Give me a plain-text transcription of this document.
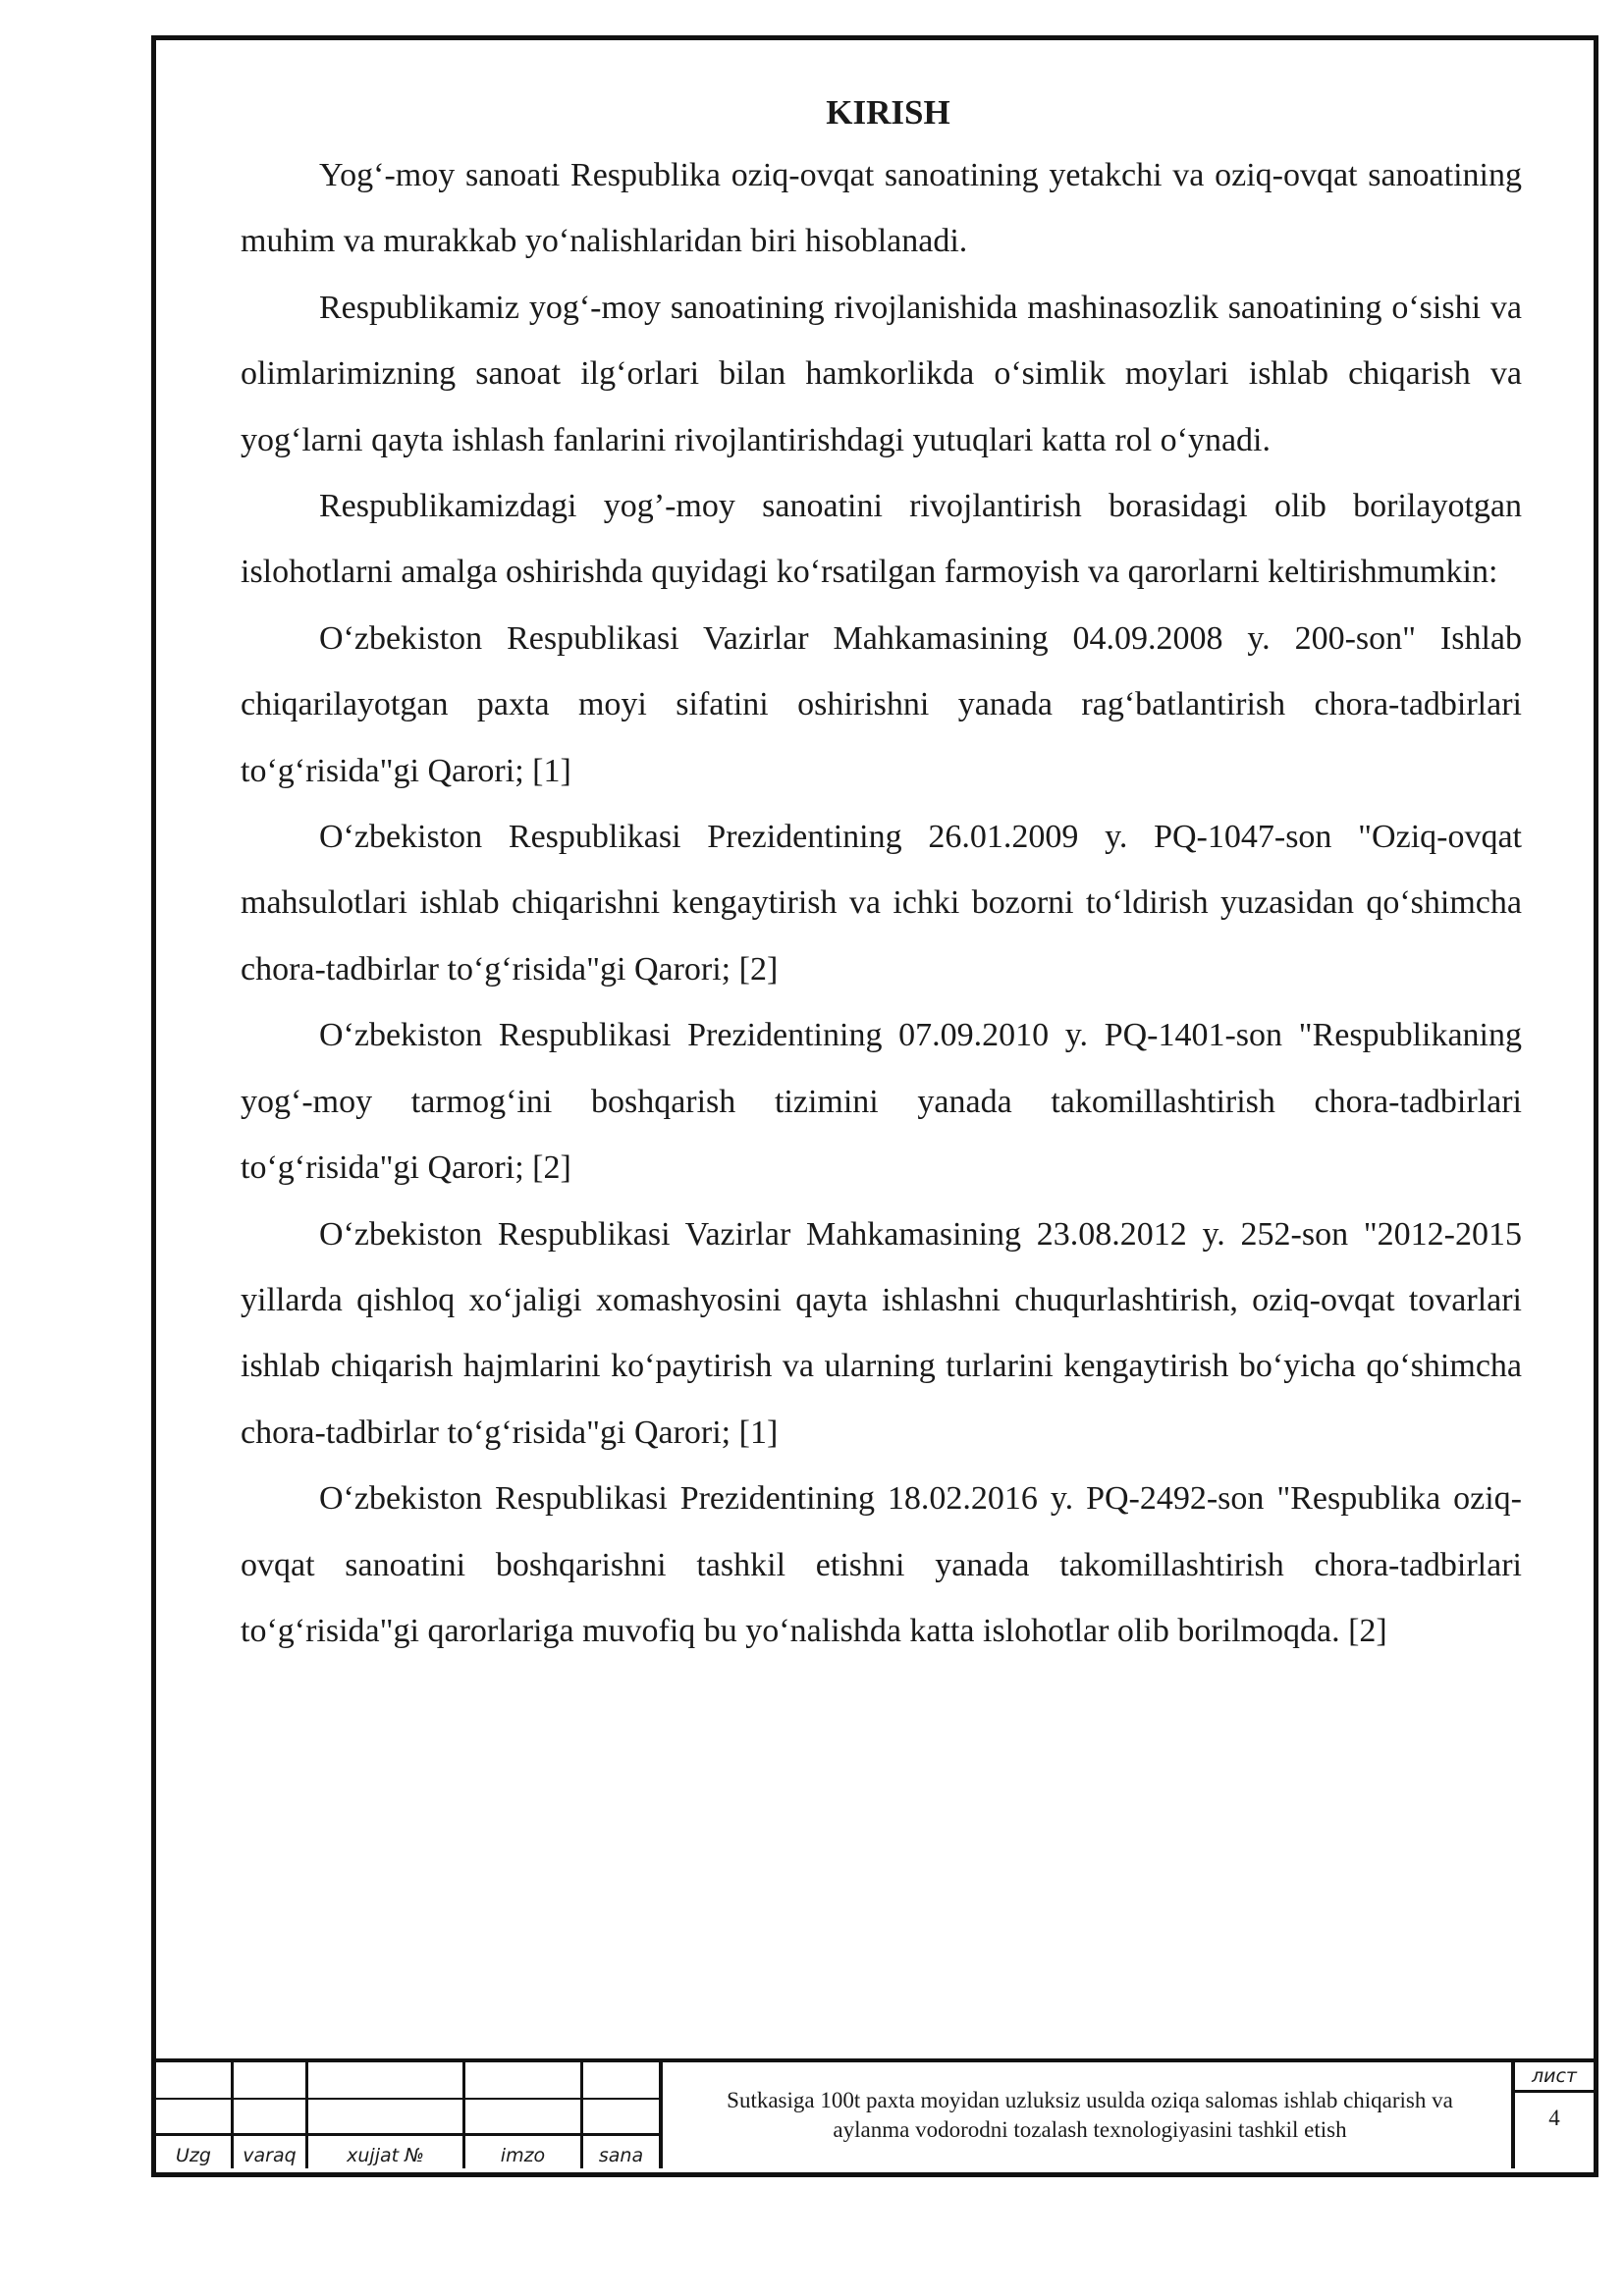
KIRISH

Yog‘-moy sanoati Respublika oziq-ovqat sanoatining yetakchi va oziq-ovqat sanoatining muhim va murakkab yo‘nalishlaridan biri hisoblanadi.

Respublikamiz yog‘-moy sanoatining rivojlanishida mashinasozlik sanoatining o‘sishi va olimlarimizning sanoat ilg‘orlari bilan hamkorlikda o‘simlik moylari ishlab chiqarish va yog‘larni qayta ishlash fanlarini rivojlantirishdagi yutuqlari katta rol o‘ynadi.

Respublikamizdagi yog’-moy sanoatini rivojlantirish borasidagi olib borilayotgan islohotlarni amalga oshirishda quyidagi ko‘rsatilgan farmoyish va qarorlarni keltirishmumkin:

O‘zbekiston Respublikasi Vazirlar Mahkamasining 04.09.2008 y. 200-son" Ishlab chiqarilayotgan paxta moyi sifatini oshirishni yanada rag‘batlantirish chora-tadbirlari to‘g‘risida"gi Qarori; [1]

O‘zbekiston Respublikasi Prezidentining 26.01.2009 y. PQ-1047-son "Oziq-ovqat mahsulotlari ishlab chiqarishni kengaytirish va ichki bozorni to‘ldirish yuzasidan qo‘shimcha chora-tadbirlar to‘g‘risida"gi Qarori; [2]

O‘zbekiston Respublikasi Prezidentining 07.09.2010 y. PQ-1401-son "Respublikaning yog‘-moy tarmog‘ini boshqarish tizimini yanada takomillashtirish chora-tadbirlari to‘g‘risida"gi Qarori; [2]

O‘zbekiston Respublikasi Vazirlar Mahkamasining 23.08.2012 y. 252-son "2012-2015 yillarda qishloq xo‘jaligi xomashyosini qayta ishlashni chuqurlashtirish, oziq-ovqat tovarlari ishlab chiqarish hajmlarini ko‘paytirish va ularning turlarini kengaytirish bo‘yicha qo‘shimcha chora-tadbirlar to‘g‘risida"gi Qarori; [1]

O‘zbekiston Respublikasi Prezidentining 18.02.2016 y. PQ-2492-son "Respublika oziq-ovqat sanoatini boshqarishni tashkil etishni yanada takomillashtirish chora-tadbirlari to‘g‘risida"gi qarorlariga muvofiq bu yo‘nalishda katta islohotlar olib borilmoqda. [2]

Uzg	varaq	xujjat №	imzo	sana
Sutkasiga 100t paxta moyidan uzluksiz usulda oziqa salomas ishlab chiqarish va
aylanma vodorodni tozalash texnologiyasini tashkil etish
лист
4
